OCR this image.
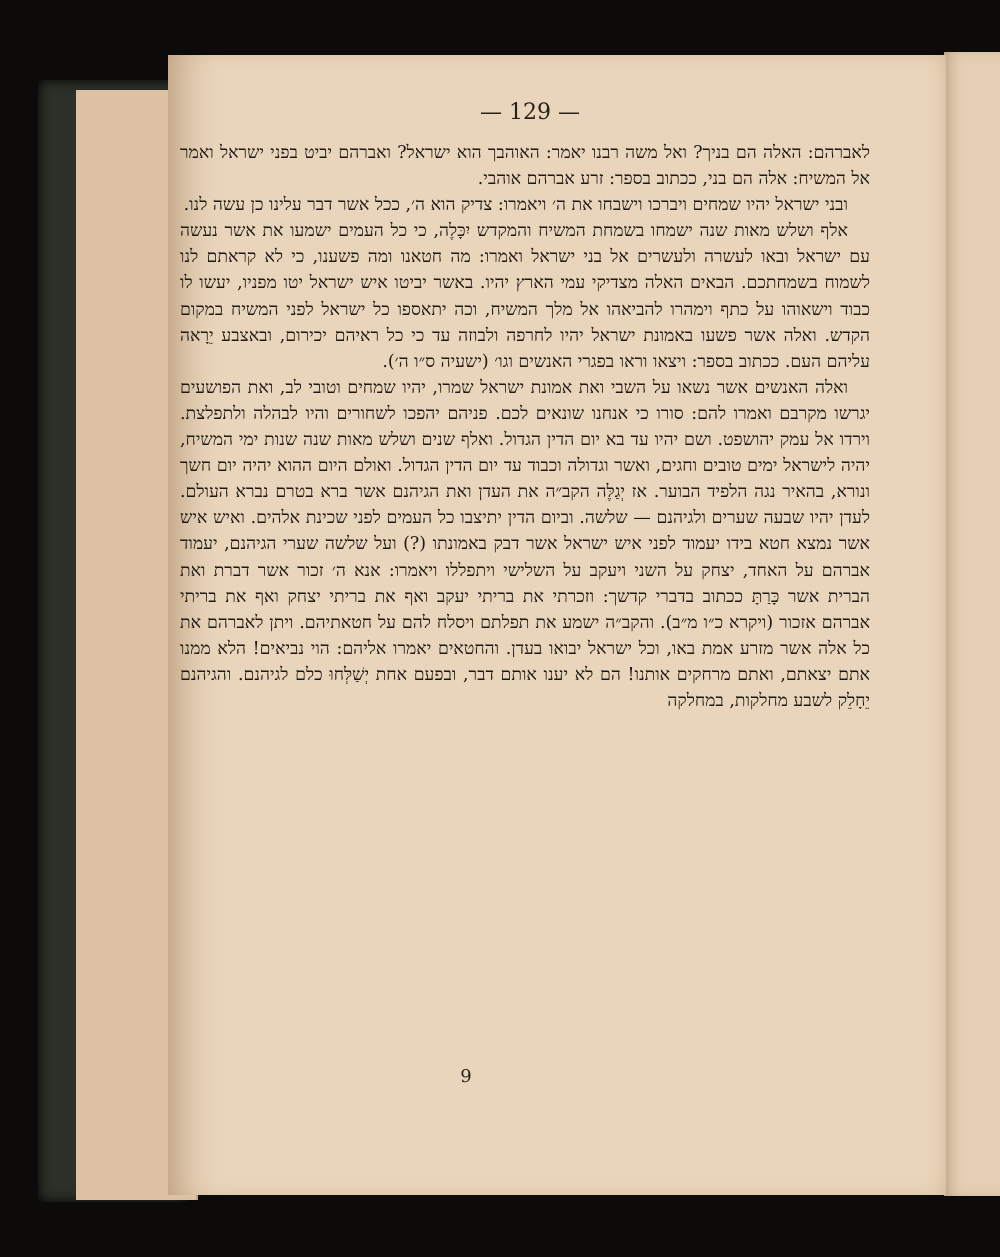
— 129 —

לאברהם: האלה הם בניך? ואל משה רבנו יאמר: האוהבך הוא ישראל? ואברהם יביט בפני ישראל ואמר אל המשיח: אלה הם בני, ככתוב בספר: זרע אברהם אוהבי.

ובני ישראל יהיו שמחים ויברכו וישבחו את ה׳ ויאמרו: צדיק הוא ה׳, ככל אשר דבר עלינו כן עשה לנו.

אלף ושלש מאות שנה ישמחו בשמחת המשיח והמקדש יִכָּלֶה, כי כל העמים ישמעו את אשר נעשה עם ישראל ובאו לעשרה ולעשרים אל בני ישראל ואמרו: מה חטאנו ומה פשענו, כי לא קראתם לנו לשמוח בשמחתכם. הבאים האלה מצדיקי עמי הארץ יהיו. באשר יביטו איש ישראל יטו מפניו, יעשו לו כבוד וישאוהו על כתף וימהרו להביאהו אל מלך המשיח, וכה יתאספו כל ישראל לפני המשיח במקום הקדש. ואלה אשר פשעו באמונת ישראל יהיו לחרפה ולבוזה עד כי כל ראיהם יכירום, ובאצבע יֵרָאה עליהם העם. ככתוב בספר: ויצאו וראו בפגרי האנשים וגו׳ (ישעיה ס״ו ה׳).

ואלה האנשים אשר נשאו על השבי ואת אמונת ישראל שמרו, יהיו שמחים וטובי לב, ואת הפושעים יגרשו מקרבם ואמרו להם: סורו כי אנחנו שונאים לכם. פניהם יהפכו לשחורים והיו לבהלה ולתפלצת. וירדו אל עמק יהושפט. ושם יהיו עד בא יום הדין הגדול. ואלף שנים ושלש מאות שנה שנות ימי המשיח, יהיה לישראל ימים טובים וחגים, ואשר וגדולה וכבוד עד יום הדין הגדול. ואולם היום ההוא יהיה יום חשך ונורא, בהאיר נגה הלפיד הבוער. אז יְגַלֶּה הקב״ה את העדן ואת הגיהנם אשר ברא בטרם נברא העולם. לעדן יהיו שבעה שערים ולגיהנם — שלשה. וביום הדין יתיצבו כל העמים לפני שכינת אלהים. ואיש איש אשר נמצא חטא בידו יעמוד לפני איש ישראל אשר דבק באמונתו (?) ועל שלשה שערי הגיהנם, יעמוד אברהם על האחד, יצחק על השני ויעקב על השלישי ויתפללו ויאמרו: אנא ה׳ זכור אשר דברת ואת הברית אשר כָּרַתָּ ככתוב בדברי קדשך: וזכרתי את בריתי יעקב ואף את בריתי יצחק ואף את בריתי אברהם אזכור (ויקרא כ״ו מ״ב). והקב״ה ישמע את תפלתם ויסלח להם על חטאתיהם. ויתן לאברהם את כל אלה אשר מזרע אמת באו, וכל ישראל יבואו בעדן. והחטאים יאמרו אליהם: הוי נביאים! הלא ממנו אתם יצאתם, ואתם מרחקים אותנו! הם לא יענו אותם דבר, ובפעם אחת יְשַׁלְּחוּ כלם לגיהנם. והגיהנם יֵחָלֵק לשבע מחלקות, במחלקה

9
